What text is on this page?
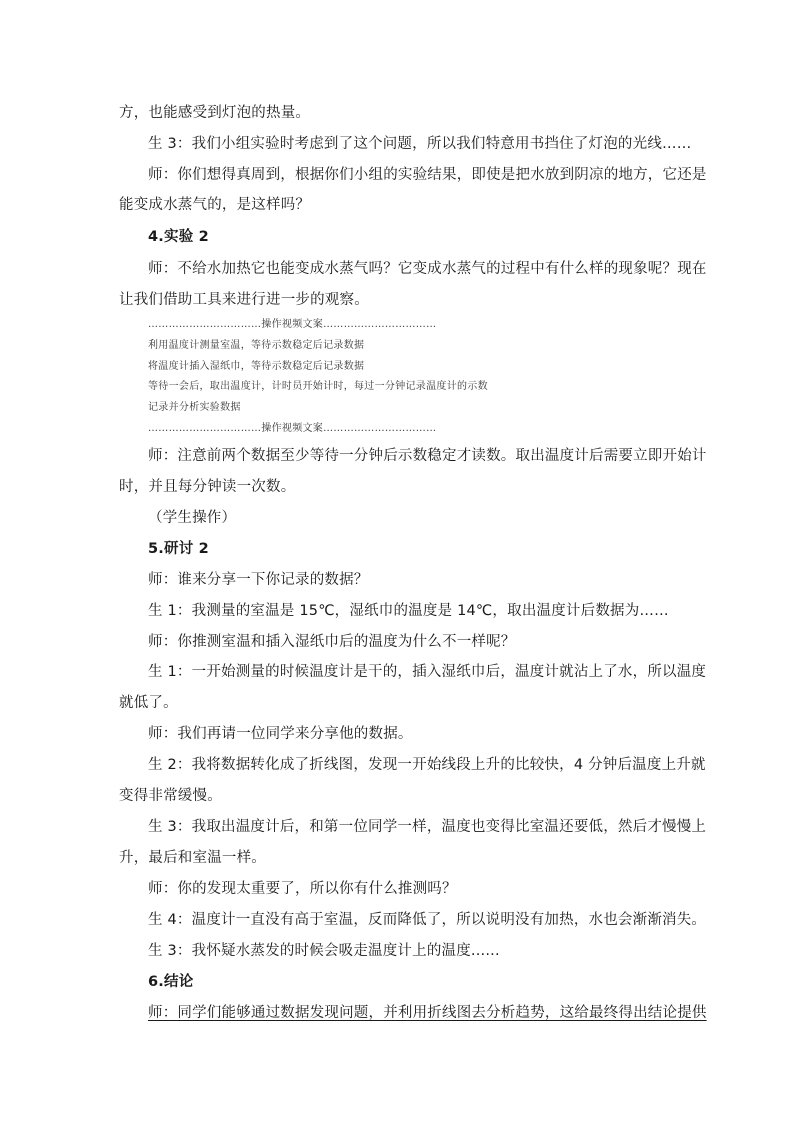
方，也能感受到灯泡的热量。
生 3：我们小组实验时考虑到了这个问题，所以我们特意用书挡住了灯泡的光线……
师：你们想得真周到，根据你们小组的实验结果，即使是把水放到阴凉的地方，它还是
能变成水蒸气的，是这样吗？
4.实验 2
师：不给水加热它也能变成水蒸气吗？它变成水蒸气的过程中有什么样的现象呢？现在
让我们借助工具来进行进一步的观察。
……………………………操作视频文案……………………………
利用温度计测量室温，等待示数稳定后记录数据
将温度计插入湿纸巾，等待示数稳定后记录数据
等待一会后，取出温度计，计时员开始计时，每过一分钟记录温度计的示数
记录并分析实验数据
……………………………操作视频文案……………………………
师：注意前两个数据至少等待一分钟后示数稳定才读数。取出温度计后需要立即开始计
时，并且每分钟读一次数。
（学生操作）
5.研讨 2
师：谁来分享一下你记录的数据？
生 1：我测量的室温是 15℃，湿纸巾的温度是 14℃，取出温度计后数据为……
师：你推测室温和插入湿纸巾后的温度为什么不一样呢？
生 1：一开始测量的时候温度计是干的，插入湿纸巾后，温度计就沾上了水，所以温度
就低了。
师：我们再请一位同学来分享他的数据。
生 2：我将数据转化成了折线图，发现一开始线段上升的比较快，4 分钟后温度上升就
变得非常缓慢。
生 3：我取出温度计后，和第一位同学一样，温度也变得比室温还要低，然后才慢慢上
升，最后和室温一样。
师：你的发现太重要了，所以你有什么推测吗？
生 4：温度计一直没有高于室温，反而降低了，所以说明没有加热，水也会渐渐消失。
生 3：我怀疑水蒸发的时候会吸走温度计上的温度......
6.结论
师：同学们能够通过数据发现问题，并利用折线图去分析趋势，这给最终得出结论提供
